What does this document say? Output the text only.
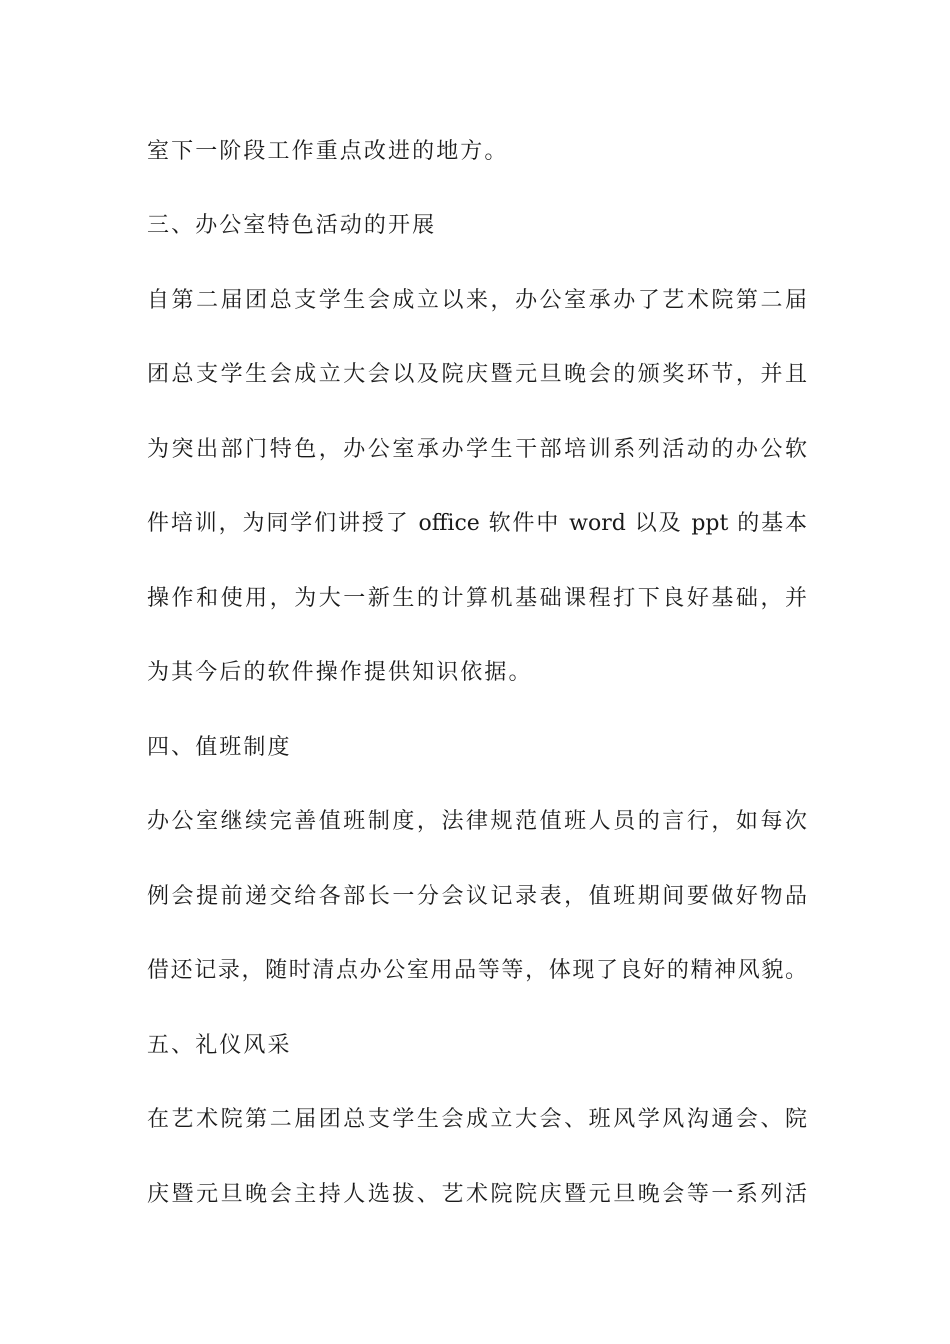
室下一阶段工作重点改进的地方。
三、办公室特色活动的开展
自第二届团总支学生会成立以来，办公室承办了艺术院第二届
团总支学生会成立大会以及院庆暨元旦晚会的颁奖环节，并且
为突出部门特色，办公室承办学生干部培训系列活动的办公软
件培训，为同学们讲授了 office 软件中 word 以及 ppt 的基本
操作和使用，为大一新生的计算机基础课程打下良好基础，并
为其今后的软件操作提供知识依据。
四、值班制度
办公室继续完善值班制度，法律规范值班人员的言行，如每次
例会提前递交给各部长一分会议记录表，值班期间要做好物品
借还记录，随时清点办公室用品等等，体现了良好的精神风貌。
五、礼仪风采
在艺术院第二届团总支学生会成立大会、班风学风沟通会、院
庆暨元旦晚会主持人选拔、艺术院院庆暨元旦晚会等一系列活
